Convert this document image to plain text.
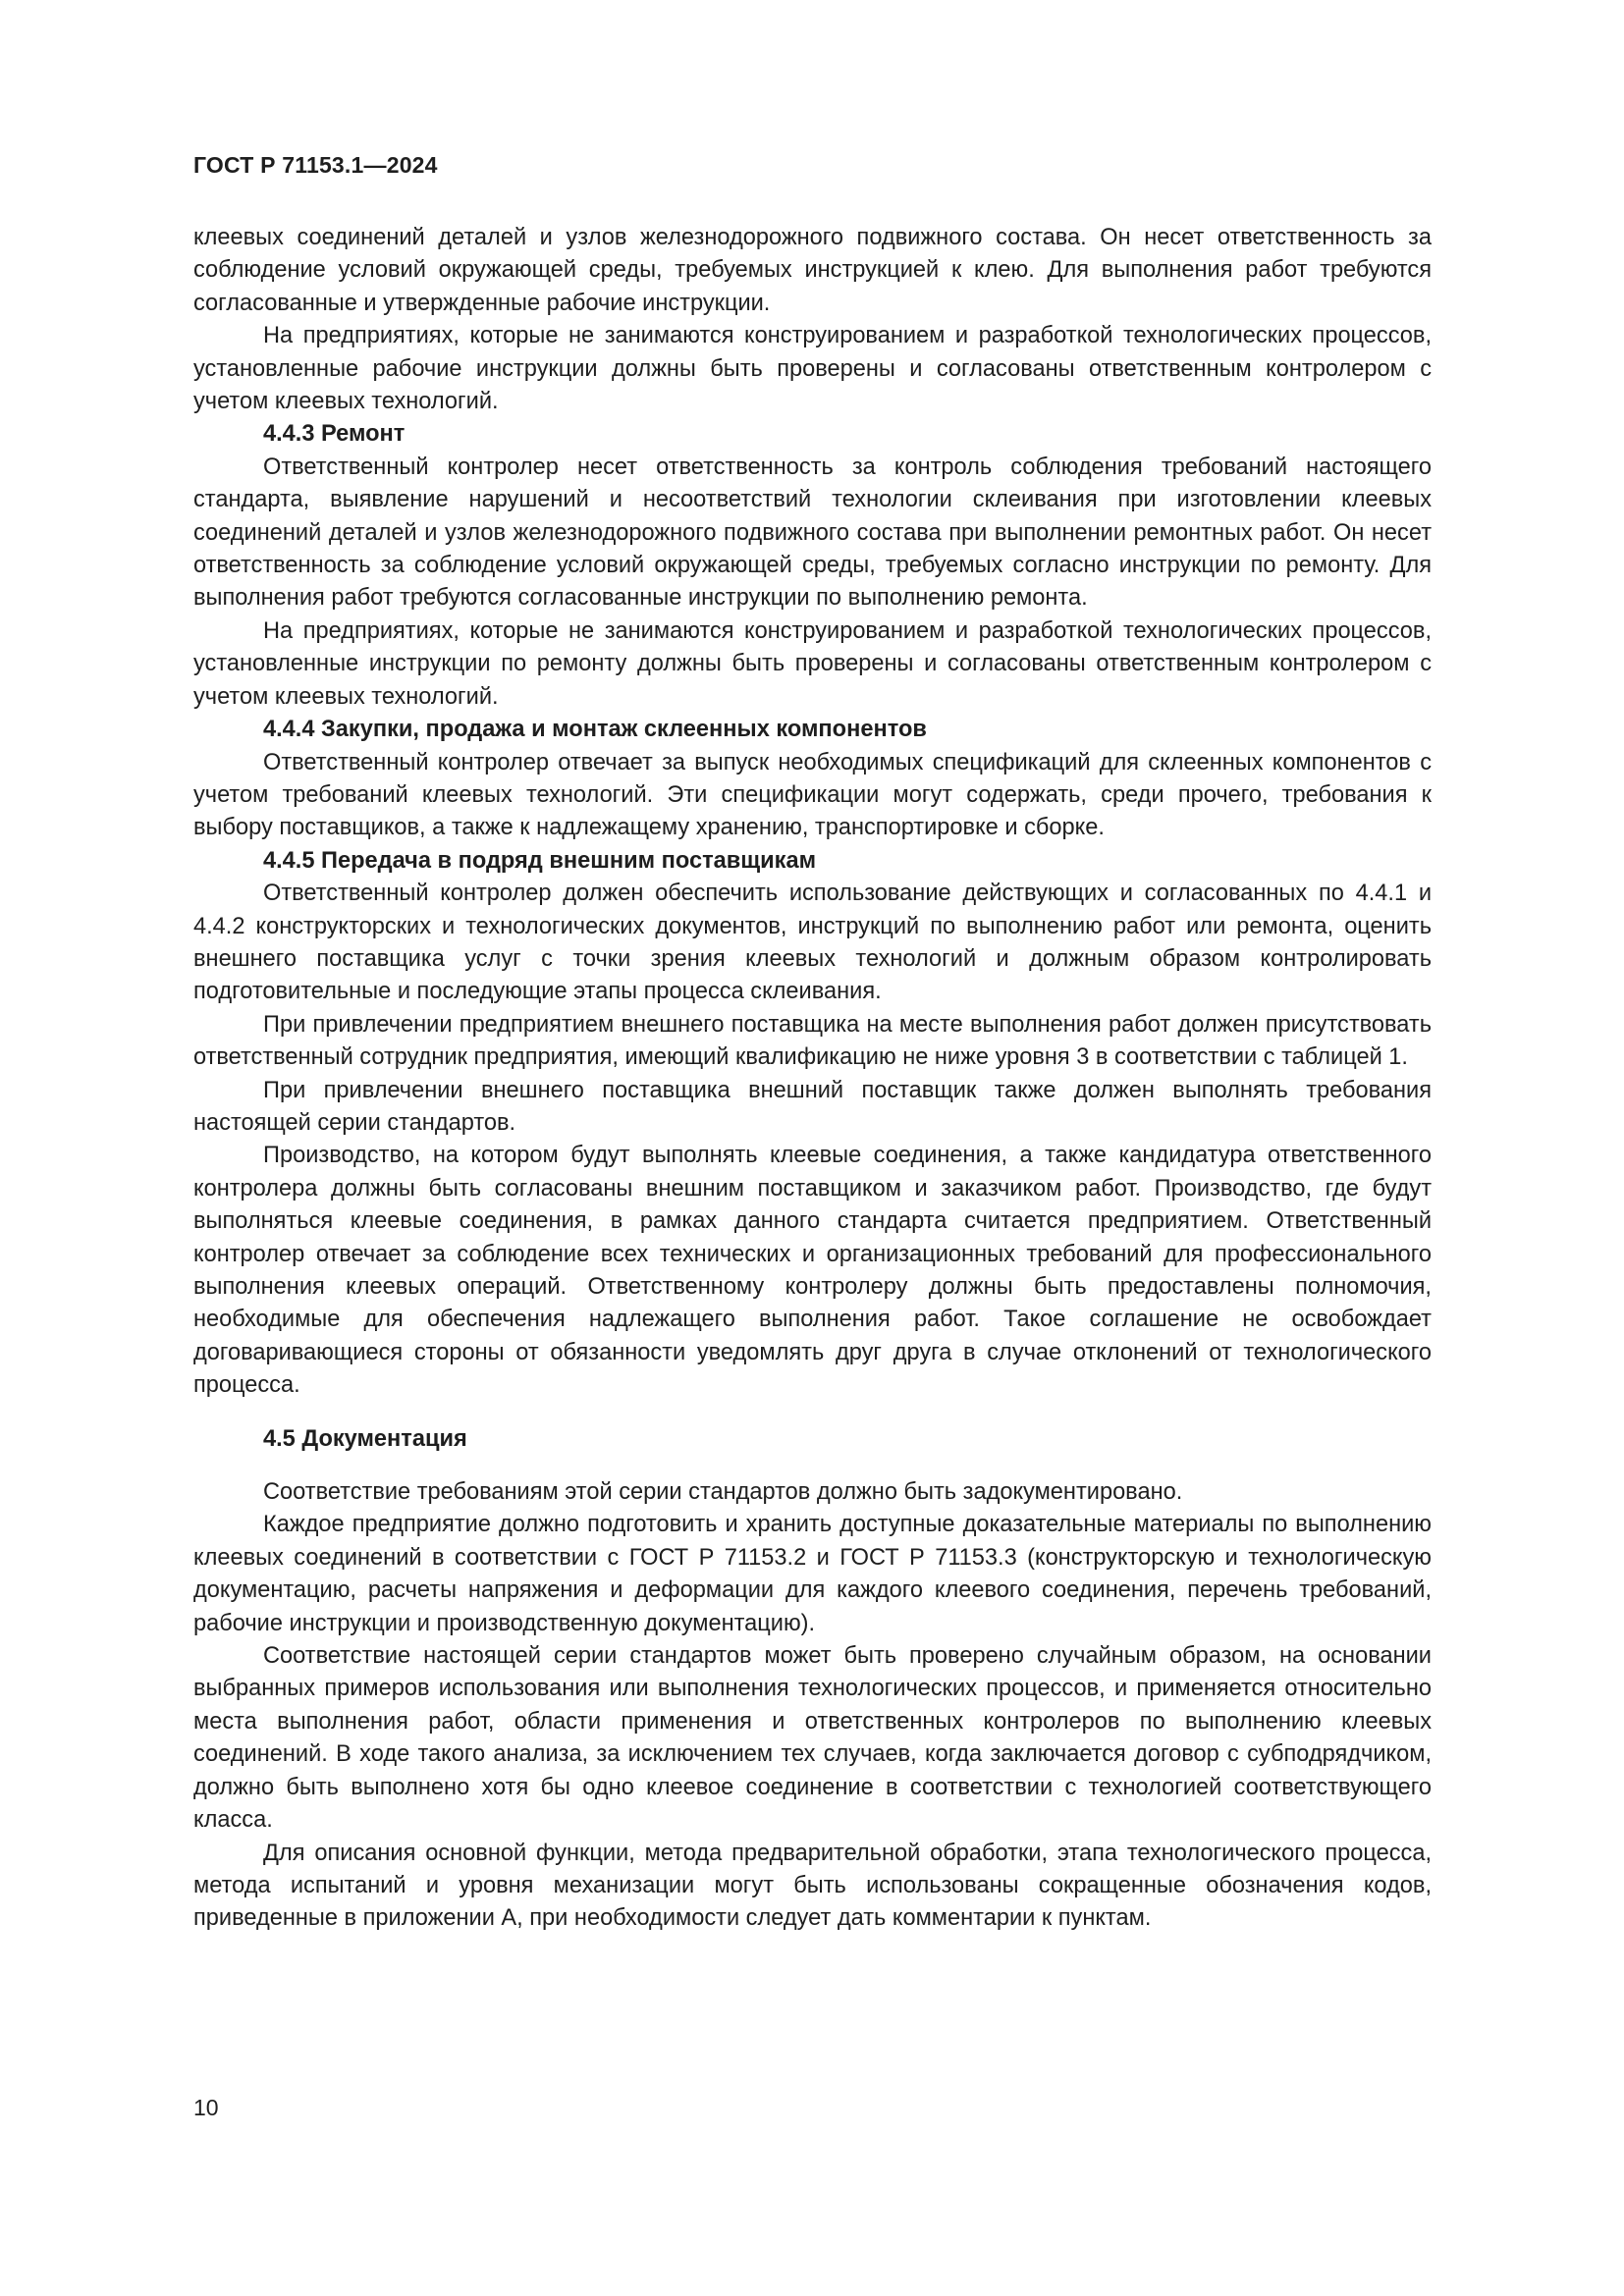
ГОСТ Р 71153.1—2024

клеевых соединений деталей и узлов железнодорожного подвижного состава. Он несет ответственность за соблюдение условий окружающей среды, требуемых инструкцией к клею. Для выполнения работ требуются согласованные и утвержденные рабочие инструкции.

На предприятиях, которые не занимаются конструированием и разработкой технологических процессов, установленные рабочие инструкции должны быть проверены и согласованы ответственным контролером с учетом клеевых технологий.

4.4.3 Ремонт

Ответственный контролер несет ответственность за контроль соблюдения требований настоящего стандарта, выявление нарушений и несоответствий технологии склеивания при изготовлении клеевых соединений деталей и узлов железнодорожного подвижного состава при выполнении ремонтных работ. Он несет ответственность за соблюдение условий окружающей среды, требуемых согласно инструкции по ремонту. Для выполнения работ требуются согласованные инструкции по выполнению ремонта.

На предприятиях, которые не занимаются конструированием и разработкой технологических процессов, установленные инструкции по ремонту должны быть проверены и согласованы ответственным контролером с учетом клеевых технологий.

4.4.4 Закупки, продажа и монтаж склеенных компонентов

Ответственный контролер отвечает за выпуск необходимых спецификаций для склеенных компонентов с учетом требований клеевых технологий. Эти спецификации могут содержать, среди прочего, требования к выбору поставщиков, а также к надлежащему хранению, транспортировке и сборке.

4.4.5 Передача в подряд внешним поставщикам

Ответственный контролер должен обеспечить использование действующих и согласованных по 4.4.1 и 4.4.2 конструкторских и технологических документов, инструкций по выполнению работ или ремонта, оценить внешнего поставщика услуг с точки зрения клеевых технологий и должным образом контролировать подготовительные и последующие этапы процесса склеивания.

При привлечении предприятием внешнего поставщика на месте выполнения работ должен присутствовать ответственный сотрудник предприятия, имеющий квалификацию не ниже уровня 3 в соответствии с таблицей 1.

При привлечении внешнего поставщика внешний поставщик также должен выполнять требования настоящей серии стандартов.

Производство, на котором будут выполнять клеевые соединения, а также кандидатура ответственного контролера должны быть согласованы внешним поставщиком и заказчиком работ. Производство, где будут выполняться клеевые соединения, в рамках данного стандарта считается предприятием. Ответственный контролер отвечает за соблюдение всех технических и организационных требований для профессионального выполнения клеевых операций. Ответственному контролеру должны быть предоставлены полномочия, необходимые для обеспечения надлежащего выполнения работ. Такое соглашение не освобождает договаривающиеся стороны от обязанности уведомлять друг друга в случае отклонений от технологического процесса.

4.5 Документация

Соответствие требованиям этой серии стандартов должно быть задокументировано.

Каждое предприятие должно подготовить и хранить доступные доказательные материалы по выполнению клеевых соединений в соответствии с ГОСТ Р 71153.2 и ГОСТ Р 71153.3 (конструкторскую и технологическую документацию, расчеты напряжения и деформации для каждого клеевого соединения, перечень требований, рабочие инструкции и производственную документацию).

Соответствие настоящей серии стандартов может быть проверено случайным образом, на основании выбранных примеров использования или выполнения технологических процессов, и применяется относительно места выполнения работ, области применения и ответственных контролеров по выполнению клеевых соединений. В ходе такого анализа, за исключением тех случаев, когда заключается договор с субподрядчиком, должно быть выполнено хотя бы одно клеевое соединение в соответствии с технологией соответствующего класса.

Для описания основной функции, метода предварительной обработки, этапа технологического процесса, метода испытаний и уровня механизации могут быть использованы сокращенные обозначения кодов, приведенные в приложении А, при необходимости следует дать комментарии к пунктам.

10
